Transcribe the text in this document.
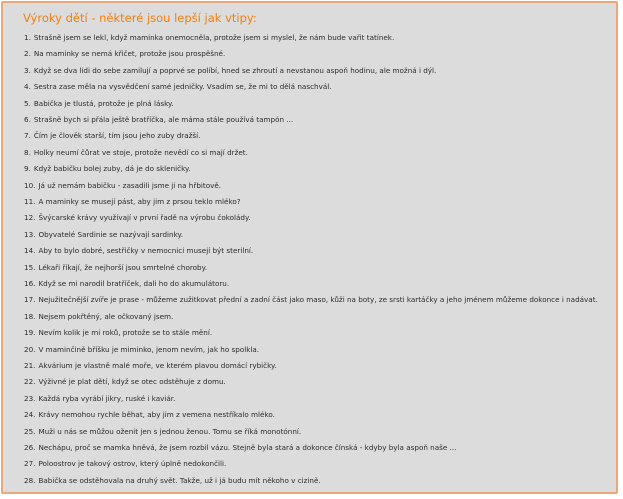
Výroky dětí - některé jsou lepší jak vtipy:
1. Strašně jsem se lekl, když maminka onemocněla, protože jsem si myslel, že nám bude vařit tatínek.
2. Na maminky se nemá křičet, protože jsou prospěšné.
3. Když se dva lidi do sebe zamilují a poprvé se políbí, hned se zhroutí a nevstanou aspoň hodinu, ale možná i dýl.
4. Sestra zase měla na vysvědčení samé jedničky. Vsadím se, že mi to dělá naschvál.
5. Babička je tlustá, protože je plná lásky.
6. Strašně bych si přála ještě bratříčka, ale máma stále používá tampón ...
7. Čím je člověk starší, tím jsou jeho zuby dražší.
8. Holky neumí čůrat ve stoje, protože nevědí co si mají držet.
9. Když babičku bolej zuby, dá je do skleničky.
10. Já už nemám babičku - zasadili jsme ji na hřbitově.
11. A maminky se musejí pást, aby jim z prsou teklo mléko?
12. Švýcarské krávy využívají v první řadě na výrobu čokolády.
13. Obyvatelé Sardinie se nazývají sardinky.
14. Aby to bylo dobré, sestřičky v nemocnici musejí být sterilní.
15. Lékaři říkají, že nejhorší jsou smrtelné choroby.
16. Když se mi narodil bratříček, dali ho do akumulátoru.
17. Nejužitečnější zvíře je prase - můžeme zužitkovat přední a zadní část jako maso, kůži na boty, ze srsti kartáčky a jeho jménem můžeme dokonce i nadávat.
18. Nejsem pokřtěný, ale očkovaný jsem.
19. Nevím kolik je mi roků, protože se to stále mění.
20. V maminčině bříšku je miminko, jenom nevím, jak ho spolkla.
21. Akvárium je vlastně malé moře, ve kterém plavou domácí rybičky.
22. Výživné je plat dětí, když se otec odstěhuje z domu.
23. Každá ryba vyrábí jikry, ruské i kaviár.
24. Krávy nemohou rychle běhat, aby jim z vemena nestříkalo mléko.
25. Muži u nás se můžou oženit jen s jednou ženou. Tomu se říká monotónní.
26. Nechápu, proč se mamka hněvá, že jsem rozbil vázu. Stejně byla stará a dokonce čínská - kdyby byla aspoň naše ...
27. Poloostrov je takový ostrov, který úplně nedokončili.
28. Babička se odstěhovala na druhý svět. Takže, už i já budu mít někoho v cizině.
